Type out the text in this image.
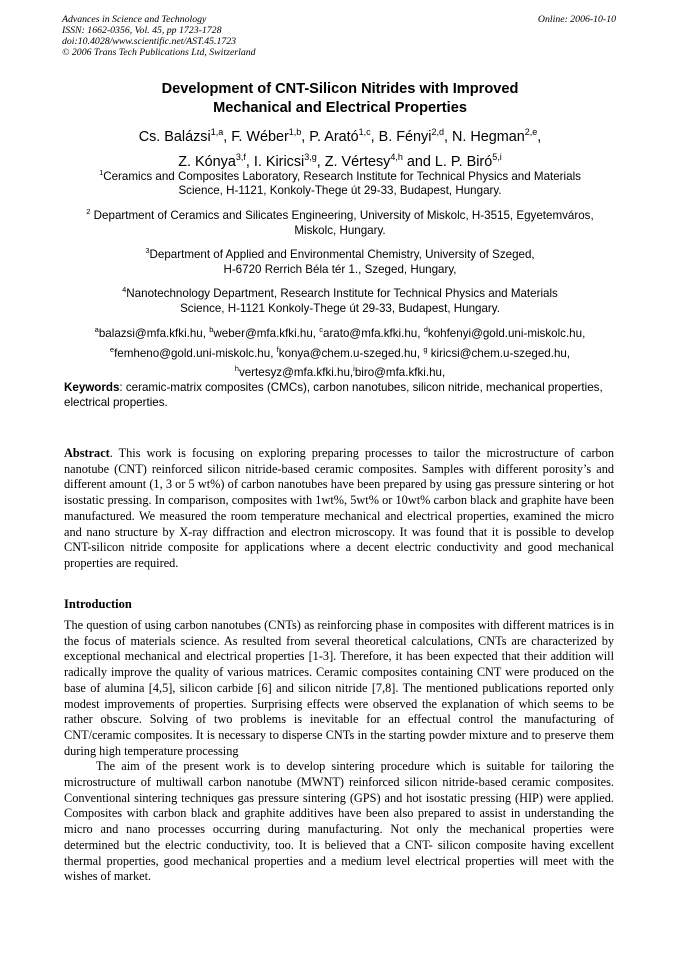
Advances in Science and Technology
ISSN: 1662-0356, Vol. 45, pp 1723-1728
doi:10.4028/www.scientific.net/AST.45.1723
© 2006 Trans Tech Publications Ltd, Switzerland
Online: 2006-10-10
Development of CNT-Silicon Nitrides with Improved
Mechanical and Electrical Properties
Cs. Balázsi$^{1,a}$, F. Wéber$^{1,b}$, P. Arató$^{1,c}$, B. Fényi$^{2,d}$, N. Hegman$^{2,e}$,
Z. Kónya$^{3,f}$, I. Kiricsi$^{3,g}$, Z. Vértesy$^{4,h}$ and L. P. Biró$^{5,i}$

$^1$Ceramics and Composites Laboratory, Research Institute for Technical Physics and Materials
Science, H-1121, Konkoly-Thege út 29-33, Budapest, Hungary.

$^2$ Department of Ceramics and Silicates Engineering, University of Miskolc, H-3515, Egyetemváros,
Miskolc, Hungary.

$^3$Department of Applied and Environmental Chemistry, University of Szeged,
H-6720 Rerrich Béla tér 1., Szeged, Hungary,

$^4$Nanotechnology Department, Research Institute for Technical Physics and Materials
Science, H-1121 Konkoly-Thege út 29-33, Budapest, Hungary.

$^a$balazsi@mfa.kfki.hu, $^b$weber@mfa.kfki.hu, $^c$arato@mfa.kfki.hu, $^d$kohfenyi@gold.uni-miskolc.hu,
$^e$femheno@gold.uni-miskolc.hu, $^f$konya@chem.u-szeged.hu, $^g$ kiricsi@chem.u-szeged.hu,
$^h$vertesyz@mfa.kfki.hu,$^i$biro@mfa.kfki.hu,
Keywords: ceramic-matrix composites (CMCs), carbon nanotubes, silicon nitride, mechanical properties, electrical properties.
Abstract. This work is focusing on exploring preparing processes to tailor the microstructure of carbon nanotube (CNT) reinforced silicon nitride-based ceramic composites. Samples with different porosity’s and different amount (1, 3 or 5 wt%) of carbon nanotubes have been prepared by using gas pressure sintering or hot isostatic pressing. In comparison, composites with 1wt%, 5wt% or 10wt% carbon black and graphite have been manufactured. We measured the room temperature mechanical and electrical properties, examined the micro and nano structure by X-ray diffraction and electron microscopy. It was found that it is possible to develop CNT-silicon nitride composite for applications where a decent electric conductivity and good mechanical properties are required.
Introduction

The question of using carbon nanotubes (CNTs) as reinforcing phase in composites with different matrices is in the focus of materials science. As resulted from several theoretical calculations, CNTs are characterized by exceptional mechanical and electrical properties [1-3]. Therefore, it has been expected that their addition will radically improve the quality of various matrices. Ceramic composites containing CNT were produced on the base of alumina [4,5], silicon carbide [6] and silicon nitride [7,8]. The mentioned publications reported only modest improvements of properties. Surprising effects were observed the explanation of which seems to be rather obscure. Solving of two problems is inevitable for an effectual control the manufacturing of CNT/ceramic composites. It is necessary to disperse CNTs in the starting powder mixture and to preserve them during high temperature processing

The aim of the present work is to develop sintering procedure which is suitable for tailoring the microstructure of multiwall carbon nanotube (MWNT) reinforced silicon nitride-based ceramic composites. Conventional sintering techniques gas pressure sintering (GPS) and hot isostatic pressing (HIP) were applied. Composites with carbon black and graphite additives have been also prepared to assist in understanding the micro and nano processes occurring during manufacturing. Not only the mechanical properties were determined but the electric conductivity, too. It is believed that a CNT- silicon composite having excellent thermal properties, good mechanical properties and a medium level electrical properties will meet with the wishes of market.
